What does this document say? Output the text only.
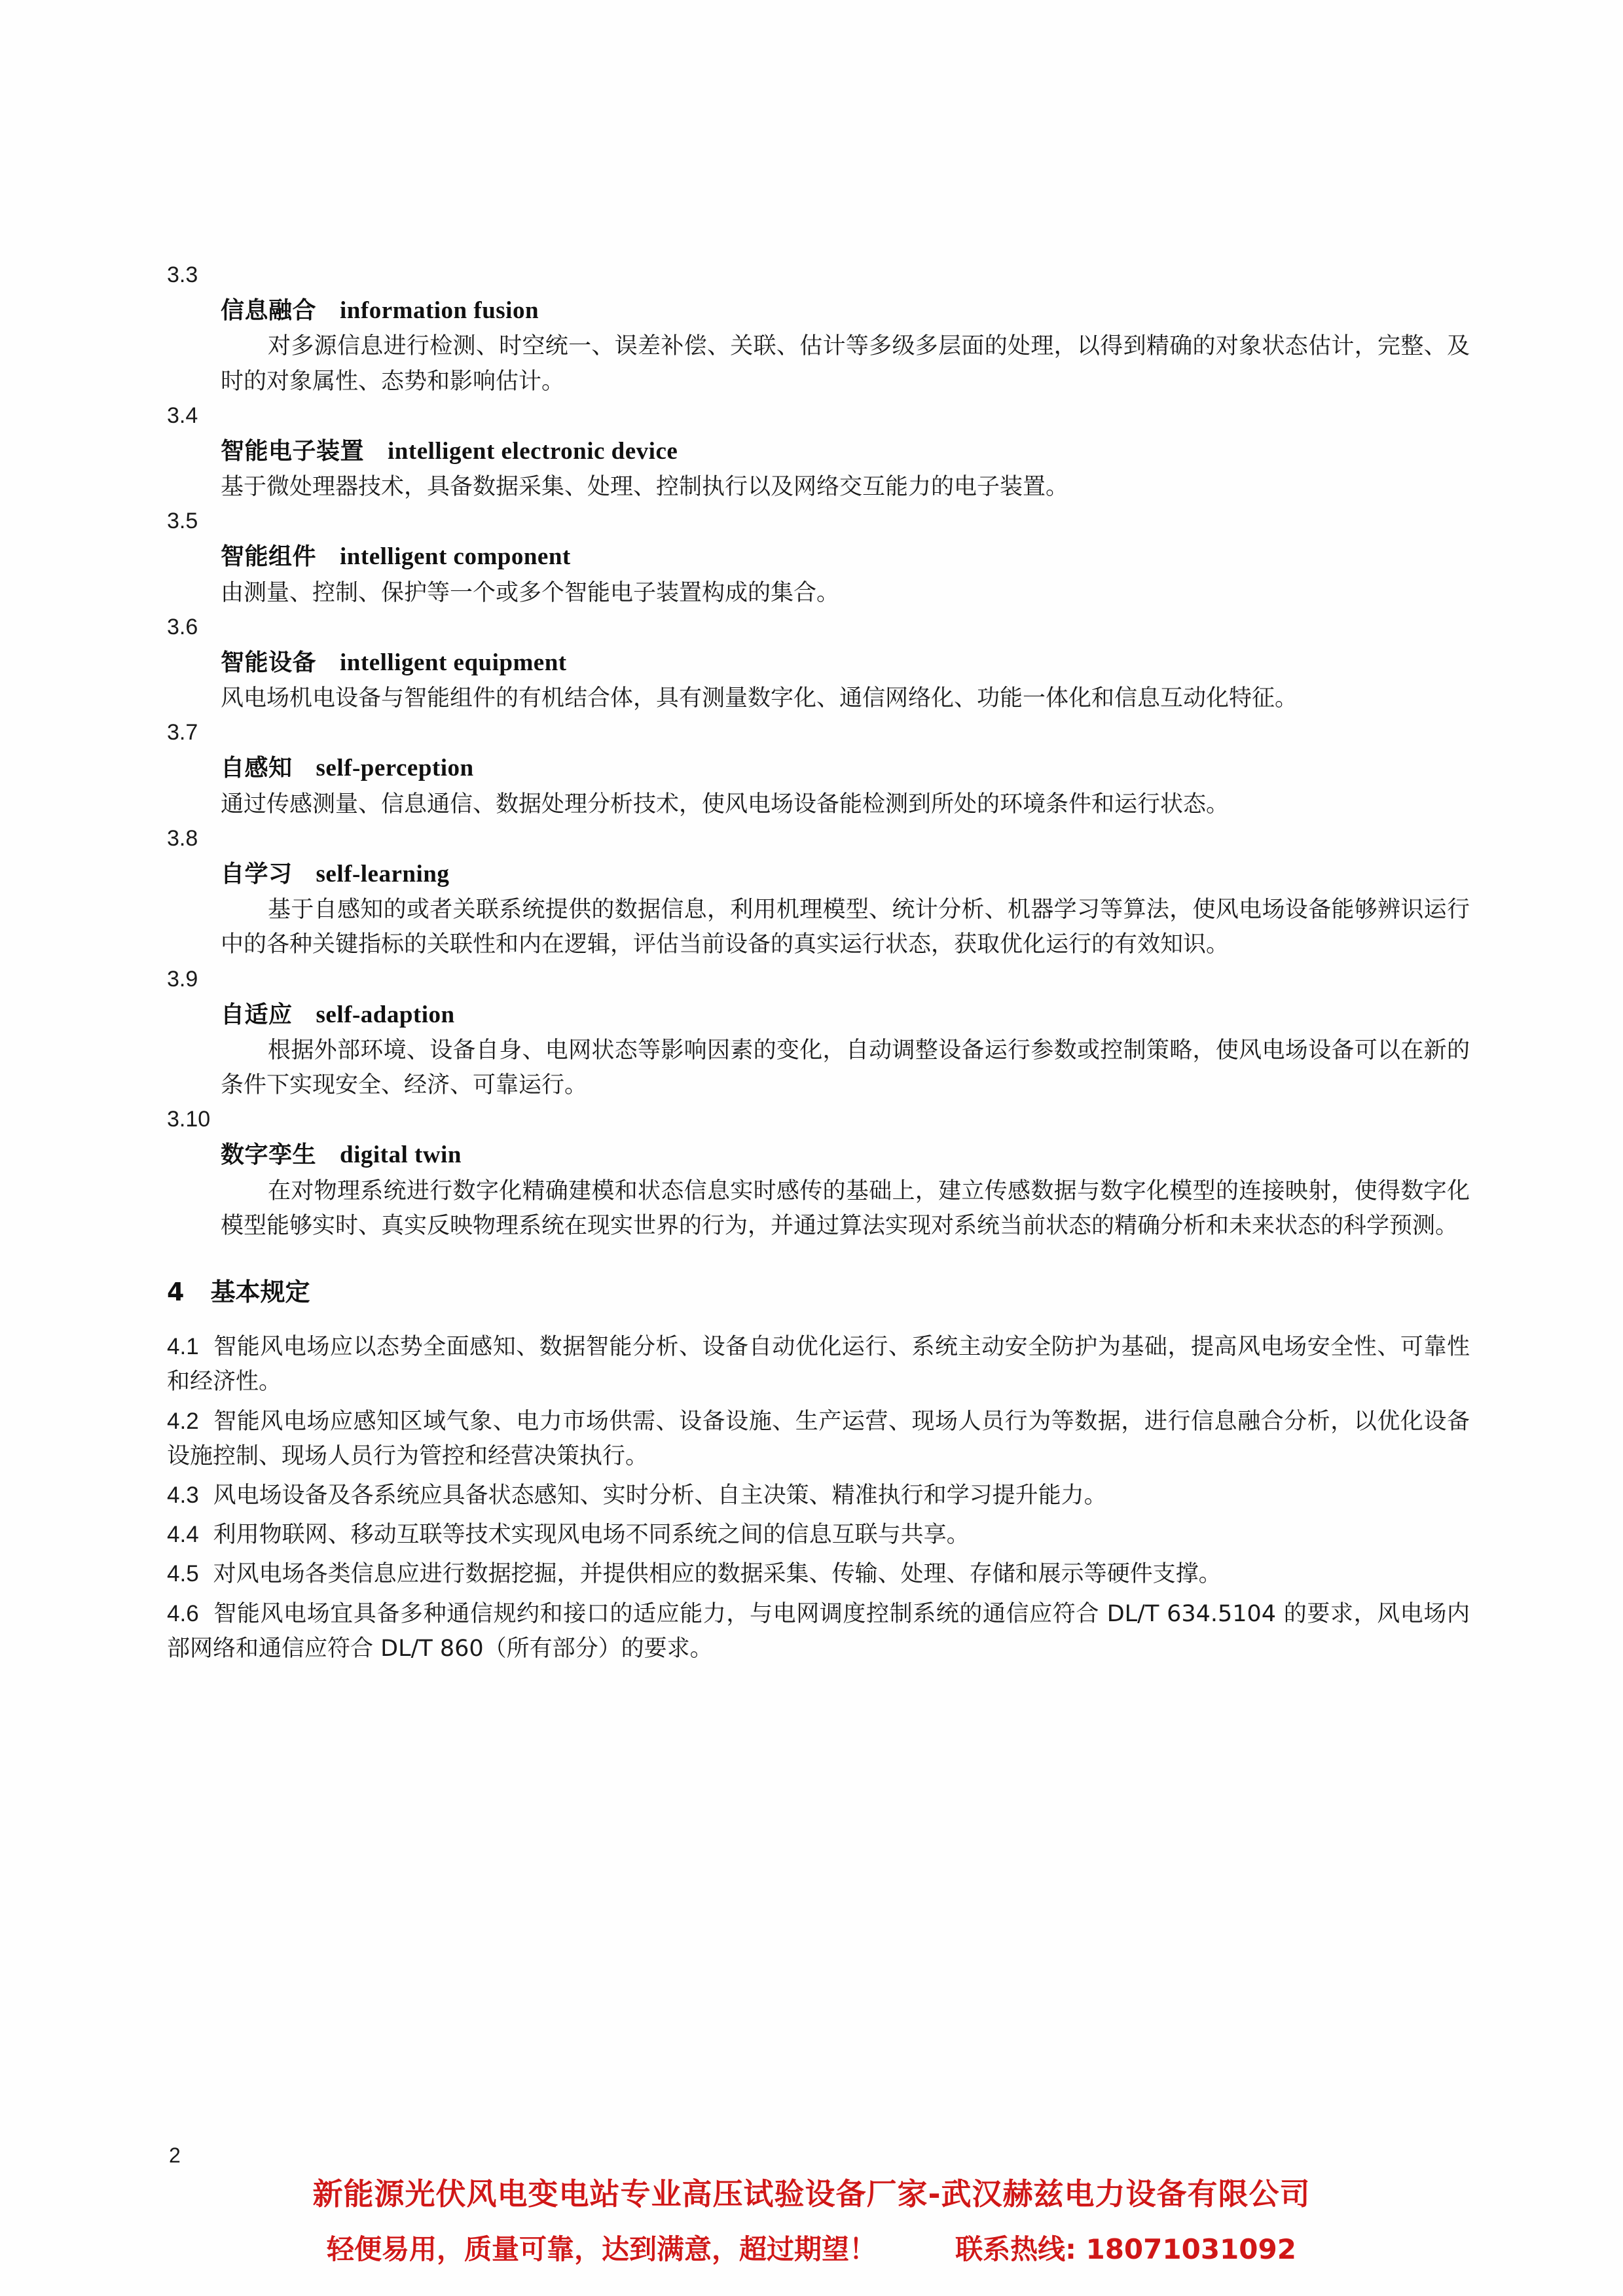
3.3

信息融合 information fusion

对多源信息进行检测、时空统一、误差补偿、关联、估计等多级多层面的处理，以得到精确的对象状态估计，完整、及时的对象属性、态势和影响估计。

3.4

智能电子装置 intelligent electronic device

基于微处理器技术，具备数据采集、处理、控制执行以及网络交互能力的电子装置。

3.5

智能组件 intelligent component

由测量、控制、保护等一个或多个智能电子装置构成的集合。

3.6

智能设备 intelligent equipment

风电场机电设备与智能组件的有机结合体，具有测量数字化、通信网络化、功能一体化和信息互动化特征。

3.7

自感知 self-perception

通过传感测量、信息通信、数据处理分析技术，使风电场设备能检测到所处的环境条件和运行状态。

3.8

自学习 self-learning

基于自感知的或者关联系统提供的数据信息，利用机理模型、统计分析、机器学习等算法，使风电场设备能够辨识运行中的各种关键指标的关联性和内在逻辑，评估当前设备的真实运行状态，获取优化运行的有效知识。

3.9

自适应 self-adaption

根据外部环境、设备自身、电网状态等影响因素的变化，自动调整设备运行参数或控制策略，使风电场设备可以在新的条件下实现安全、经济、可靠运行。

3.10

数字孪生 digital twin

在对物理系统进行数字化精确建模和状态信息实时感传的基础上，建立传感数据与数字化模型的连接映射，使得数字化模型能够实时、真实反映物理系统在现实世界的行为，并通过算法实现对系统当前状态的精确分析和未来状态的科学预测。

4 基本规定

4.1 智能风电场应以态势全面感知、数据智能分析、设备自动优化运行、系统主动安全防护为基础，提高风电场安全性、可靠性和经济性。

4.2 智能风电场应感知区域气象、电力市场供需、设备设施、生产运营、现场人员行为等数据，进行信息融合分析，以优化设备设施控制、现场人员行为管控和经营决策执行。

4.3 风电场设备及各系统应具备状态感知、实时分析、自主决策、精准执行和学习提升能力。

4.4 利用物联网、移动互联等技术实现风电场不同系统之间的信息互联与共享。

4.5 对风电场各类信息应进行数据挖掘，并提供相应的数据采集、传输、处理、存储和展示等硬件支撑。

4.6 智能风电场宜具备多种通信规约和接口的适应能力，与电网调度控制系统的通信应符合 DL/T 634.5104 的要求，风电场内部网络和通信应符合 DL/T 860（所有部分）的要求。

2
新能源光伏风电变电站专业高压试验设备厂家-武汉赫兹电力设备有限公司
轻便易用，质量可靠，达到满意，超过期望！	联系热线: 18071031092
